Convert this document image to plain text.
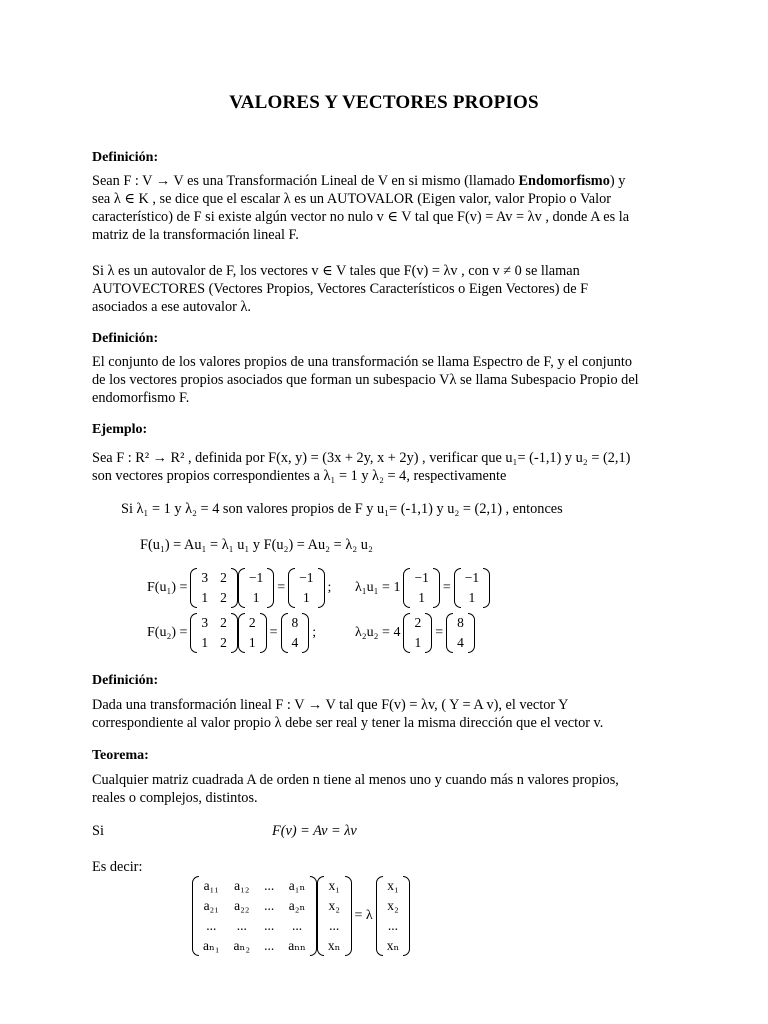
VALORES Y VECTORES PROPIOS
Definición:
Sean F : V → V es una Transformación Lineal de V en si mismo (llamado Endomorfismo) y
sea λ ∈ K , se dice que el escalar λ es un AUTOVALOR (Eigen valor, valor Propio o Valor
característico) de F si existe algún vector no nulo v ∈ V tal que F(v) = Av = λv , donde A es la
matriz de la transformación lineal F.
Si λ es un autovalor de F, los vectores v ∈ V tales que F(v) = λv , con v ≠ 0 se llaman
AUTOVECTORES (Vectores Propios, Vectores Característicos o Eigen Vectores) de F
asociados a ese autovalor λ.
Definición:
El conjunto de los valores propios de una transformación se llama Espectro de F, y el conjunto
de los vectores propios asociados que forman un subespacio Vλ se llama Subespacio Propio del
endomorfismo F.
Ejemplo:
Sea F : R² → R² , definida por F(x, y) = (3x + 2y, x + 2y) , verificar que u₁= (-1,1) y u₂ = (2,1)
son vectores propios correspondientes a λ₁ = 1 y λ₂ = 4, respectivamente
Si λ₁ = 1 y λ₂ = 4 son valores propios de F y u₁= (-1,1) y u₂ = (2,1) , entonces
F(u₁) = Au₁ = λ₁ u₁ y F(u₂) = Au₂ = λ₂ u₂
F(u₁) =
3 2
1 2
−1
1
=
−1
1
; λ₁u₁ = 1
−1
1
=
−1
1
F(u₂) =
3 2
1 2
2
1
=
8
4
;	λ₂u₂ = 4
2
1
=
8
4
Definición:
Dada una transformación lineal F : V → V tal que F(v) = λv, ( Y = A v), el vector Y
correspondiente al valor propio λ debe ser real y tener la misma dirección que el vector v.
Teorema:
Cualquier matriz cuadrada A de orden n tiene al menos uno y cuando más n valores propios,
reales o complejos, distintos.
Si	F(v) = Av = λv
Es decir:
a₁₁ a₁₂ ... a₁ₙ
a₂₁ a₂₂ ... a₂ₙ
... ... ... ...
aₙ₁ aₙ₂ ... aₙₙ
x₁
x₂
...
xₙ
= λ
x₁
x₂
...
xₙ
